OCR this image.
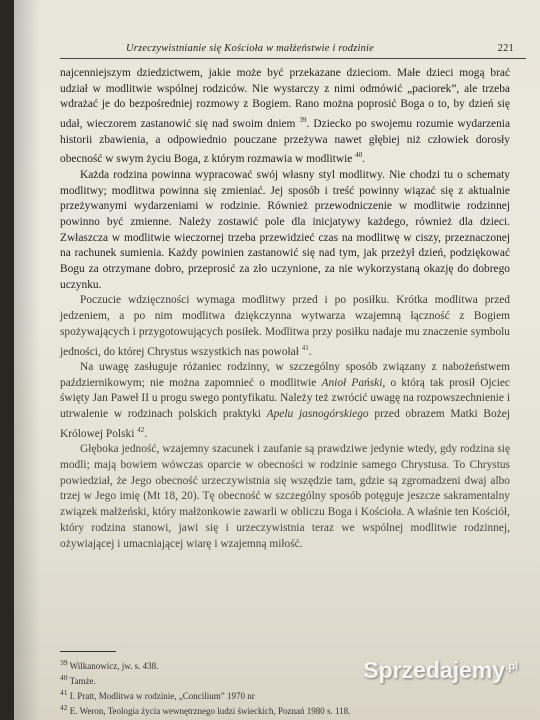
Urzeczywistnianie się Kościoła w małżeństwie i rodzinie	221

najcenniejszym dziedzictwem, jakie może być przekazane dzieciom. Małe dzieci mogą brać udział w modlitwie wspólnej rodziców. Nie wystarczy z nimi odmówić „paciorek”, ale trzeba wdrażać je do bezpośredniej rozmowy z Bogiem. Rano można poprosić Boga o to, by dzień się udał, wieczorem zastanowić się nad swoim dniem $^{39}$. Dziecko po swojemu rozumie wydarzenia historii zbawienia, a odpowiednio pouczane przeżywa nawet głębiej niż człowiek dorosły obecność w swym życiu Boga, z którym rozmawia w modlitwie $^{40}$.

Każda rodzina powinna wypracować swój własny styl modlitwy. Nie chodzi tu o schematy modlitwy; modlitwa powinna się zmieniać. Jej sposób i treść powinny wiązać się z aktualnie przeżywanymi wydarzeniami w rodzinie. Również przewodniczenie w modlitwie rodzinnej powinno być zmienne. Należy zostawić pole dla inicjatywy każdego, również dla dzieci. Zwłaszcza w modlitwie wieczornej trzeba przewidzieć czas na modlitwę w ciszy, przeznaczonej na rachunek sumienia. Każdy powinien zastanowić się nad tym, jak przeżył dzień, podziękować Bogu za otrzymane dobro, przeprosić za zło uczynione, za nie wykorzystaną okazję do dobrego uczynku.

Poczucie wdzięczności wymaga modlitwy przed i po posiłku. Krótka modlitwa przed jedzeniem, a po nim modlitwa dziękczynna wytwarza wzajemną łączność z Bogiem spożywających i przygotowujących posiłek. Modlitwa przy posiłku nadaje mu znaczenie symbolu jedności, do której Chrystus wszystkich nas powołał $^{41}$.

Na uwagę zasługuje różaniec rodzinny, w szczególny sposób związany z nabożeństwem październikowym; nie można zapomnieć o modlitwie Anioł Pański, o którą tak prosił Ojciec święty Jan Paweł II u progu swego pontyfikatu. Należy też zwrócić uwagę na rozpowszechnienie i utrwalenie w rodzinach polskich praktyki Apelu jasnogórskiego przed obrazem Matki Bożej Królowej Polski $^{42}$.

Głęboka jedność, wzajemny szacunek i zaufanie są prawdziwe jedynie wtedy, gdy rodzina się modli; mają bowiem wówczas oparcie w obecności w rodzinie samego Chrystusa. To Chrystus powiedział, że Jego obecność urzeczywistnia się wszędzie tam, gdzie są zgromadzeni dwaj albo trzej w Jego imię (Mt 18, 20). Tę obecność w szczególny sposób potęguje jeszcze sakramentalny związek małżeński, który małżonkowie zawarli w obliczu Boga i Kościoła. A właśnie ten Kościół, który rodzina stanowi, jawi się i urzeczywistnia teraz we wspólnej modlitwie rodzinnej, ożywiającej i umacniającej wiarę i wzajemną miłość.

$^{39}$ Wilkanowicz, jw. s. 438.
$^{40}$ Tamże.
$^{41}$ I. Pratt, Modlitwa w rodzinie, „Concilium” 1970 nr
$^{42}$ E. Weron, Teologia życia wewnętrznego ludzi świeckich, Poznań 1980 s. 118.
Sprzedajemy$^{.pl}$
